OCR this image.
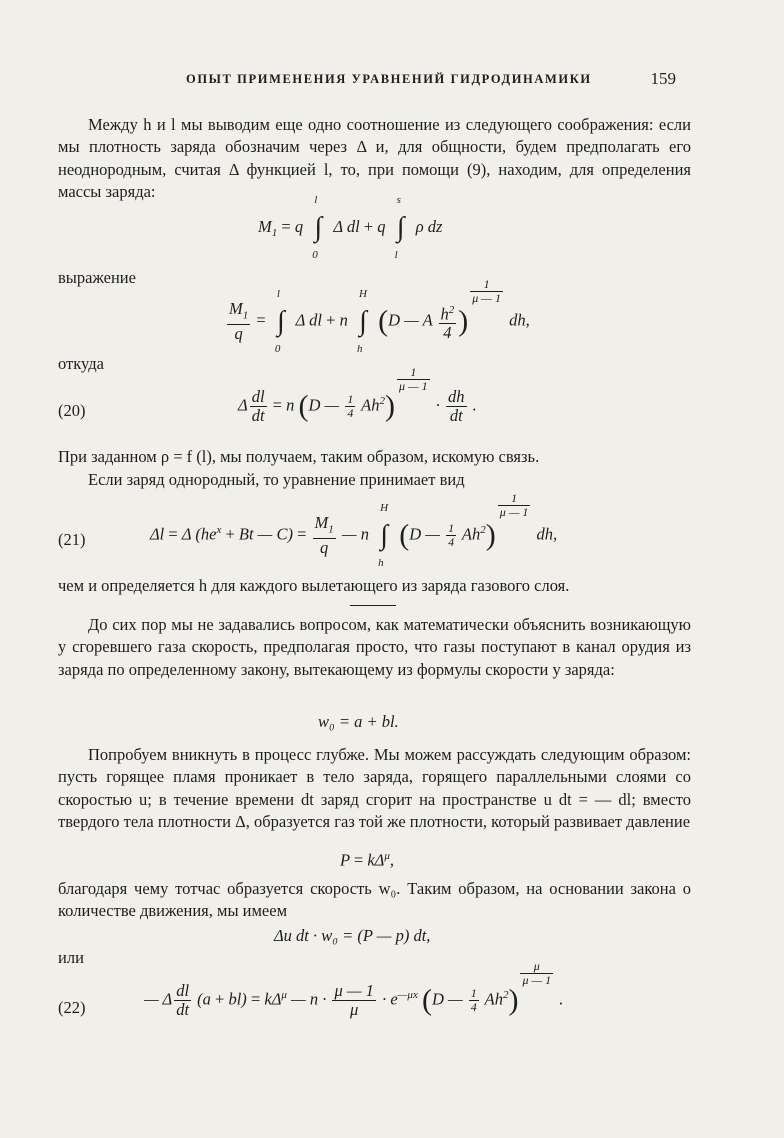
ОПЫТ ПРИМЕНЕНИЯ УРАВНЕНИЙ ГИДРОДИНАМИКИ	159
Между h и l мы выводим еще одно соотношение из следующего соображения: если мы плотность заряда обозначим через Δ и, для общности, будем предполагать его неоднородным, считая Δ функцией l, то, при помощи (9), находим, для определения массы заряда:
$M_1 = q$ ∫
l
0
Δ dl + q ∫
s
l
ρ dz
выражение
$\frac{M_1}{q}$ = ∫
l
0
Δ dl + n ∫
H
h
(D — A $\frac{h^2}{4}$ )
$\frac{1}{\mu — 1}$
dh,
откуда
(20)	Δ $\frac{dl}{dt} = n$ (D — $\frac{1}{4} Ah^2$)
$\frac{1}{\mu — 1}$
· $\frac{dh}{dt}$ .
При заданном ρ = f (l), мы получаем, таким образом, искомую связь.
Если заряд однородный, то уравнение принимает вид
(21)	Δl = Δ ($he^x + Bt$ — $C) = \frac{M_1}{q}$ — n ∫
H
h
(D — $\frac{1}{4} Ah^2$)
$\frac{1}{\mu — 1}$
dh,
чем и определяется h для каждого вылетающего из заряда газового слоя.
До сих пор мы не задавались вопросом, как математически объяснить возникающую у сгоревшего газа скорость, предполагая просто, что газы поступают в канал орудия из заряда по определенному закону, вытекающему из формулы скорости у заряда:
w₀ = a + bl.
Попробуем вникнуть в процесс глубже. Мы можем рассуждать следующим образом: пусть горящее пламя проникает в тело заряда, горящего параллельными слоями со скоростью u; в течение времени dt заряд сгорит на пространстве u dt = — dl; вместо твердого тела плотности Δ, образуется газ той же плотности, который развивает давление
$P = k\Delta^\mu$,
благодаря чему тотчас образуется скорость w₀. Таким образом, на основании закона о количестве движения, мы имеем
Δu dt · w₀ = (P — p) dt,
или
(22)	— Δ $\frac{dl}{dt} (a + bl) = k\Delta^\mu$ — $n \cdot \frac{\mu — 1}{\mu} \cdot e^{—\mu x}$ (D — $\frac{1}{4} Ah^2$)
$\frac{\mu}{\mu — 1}$
.
